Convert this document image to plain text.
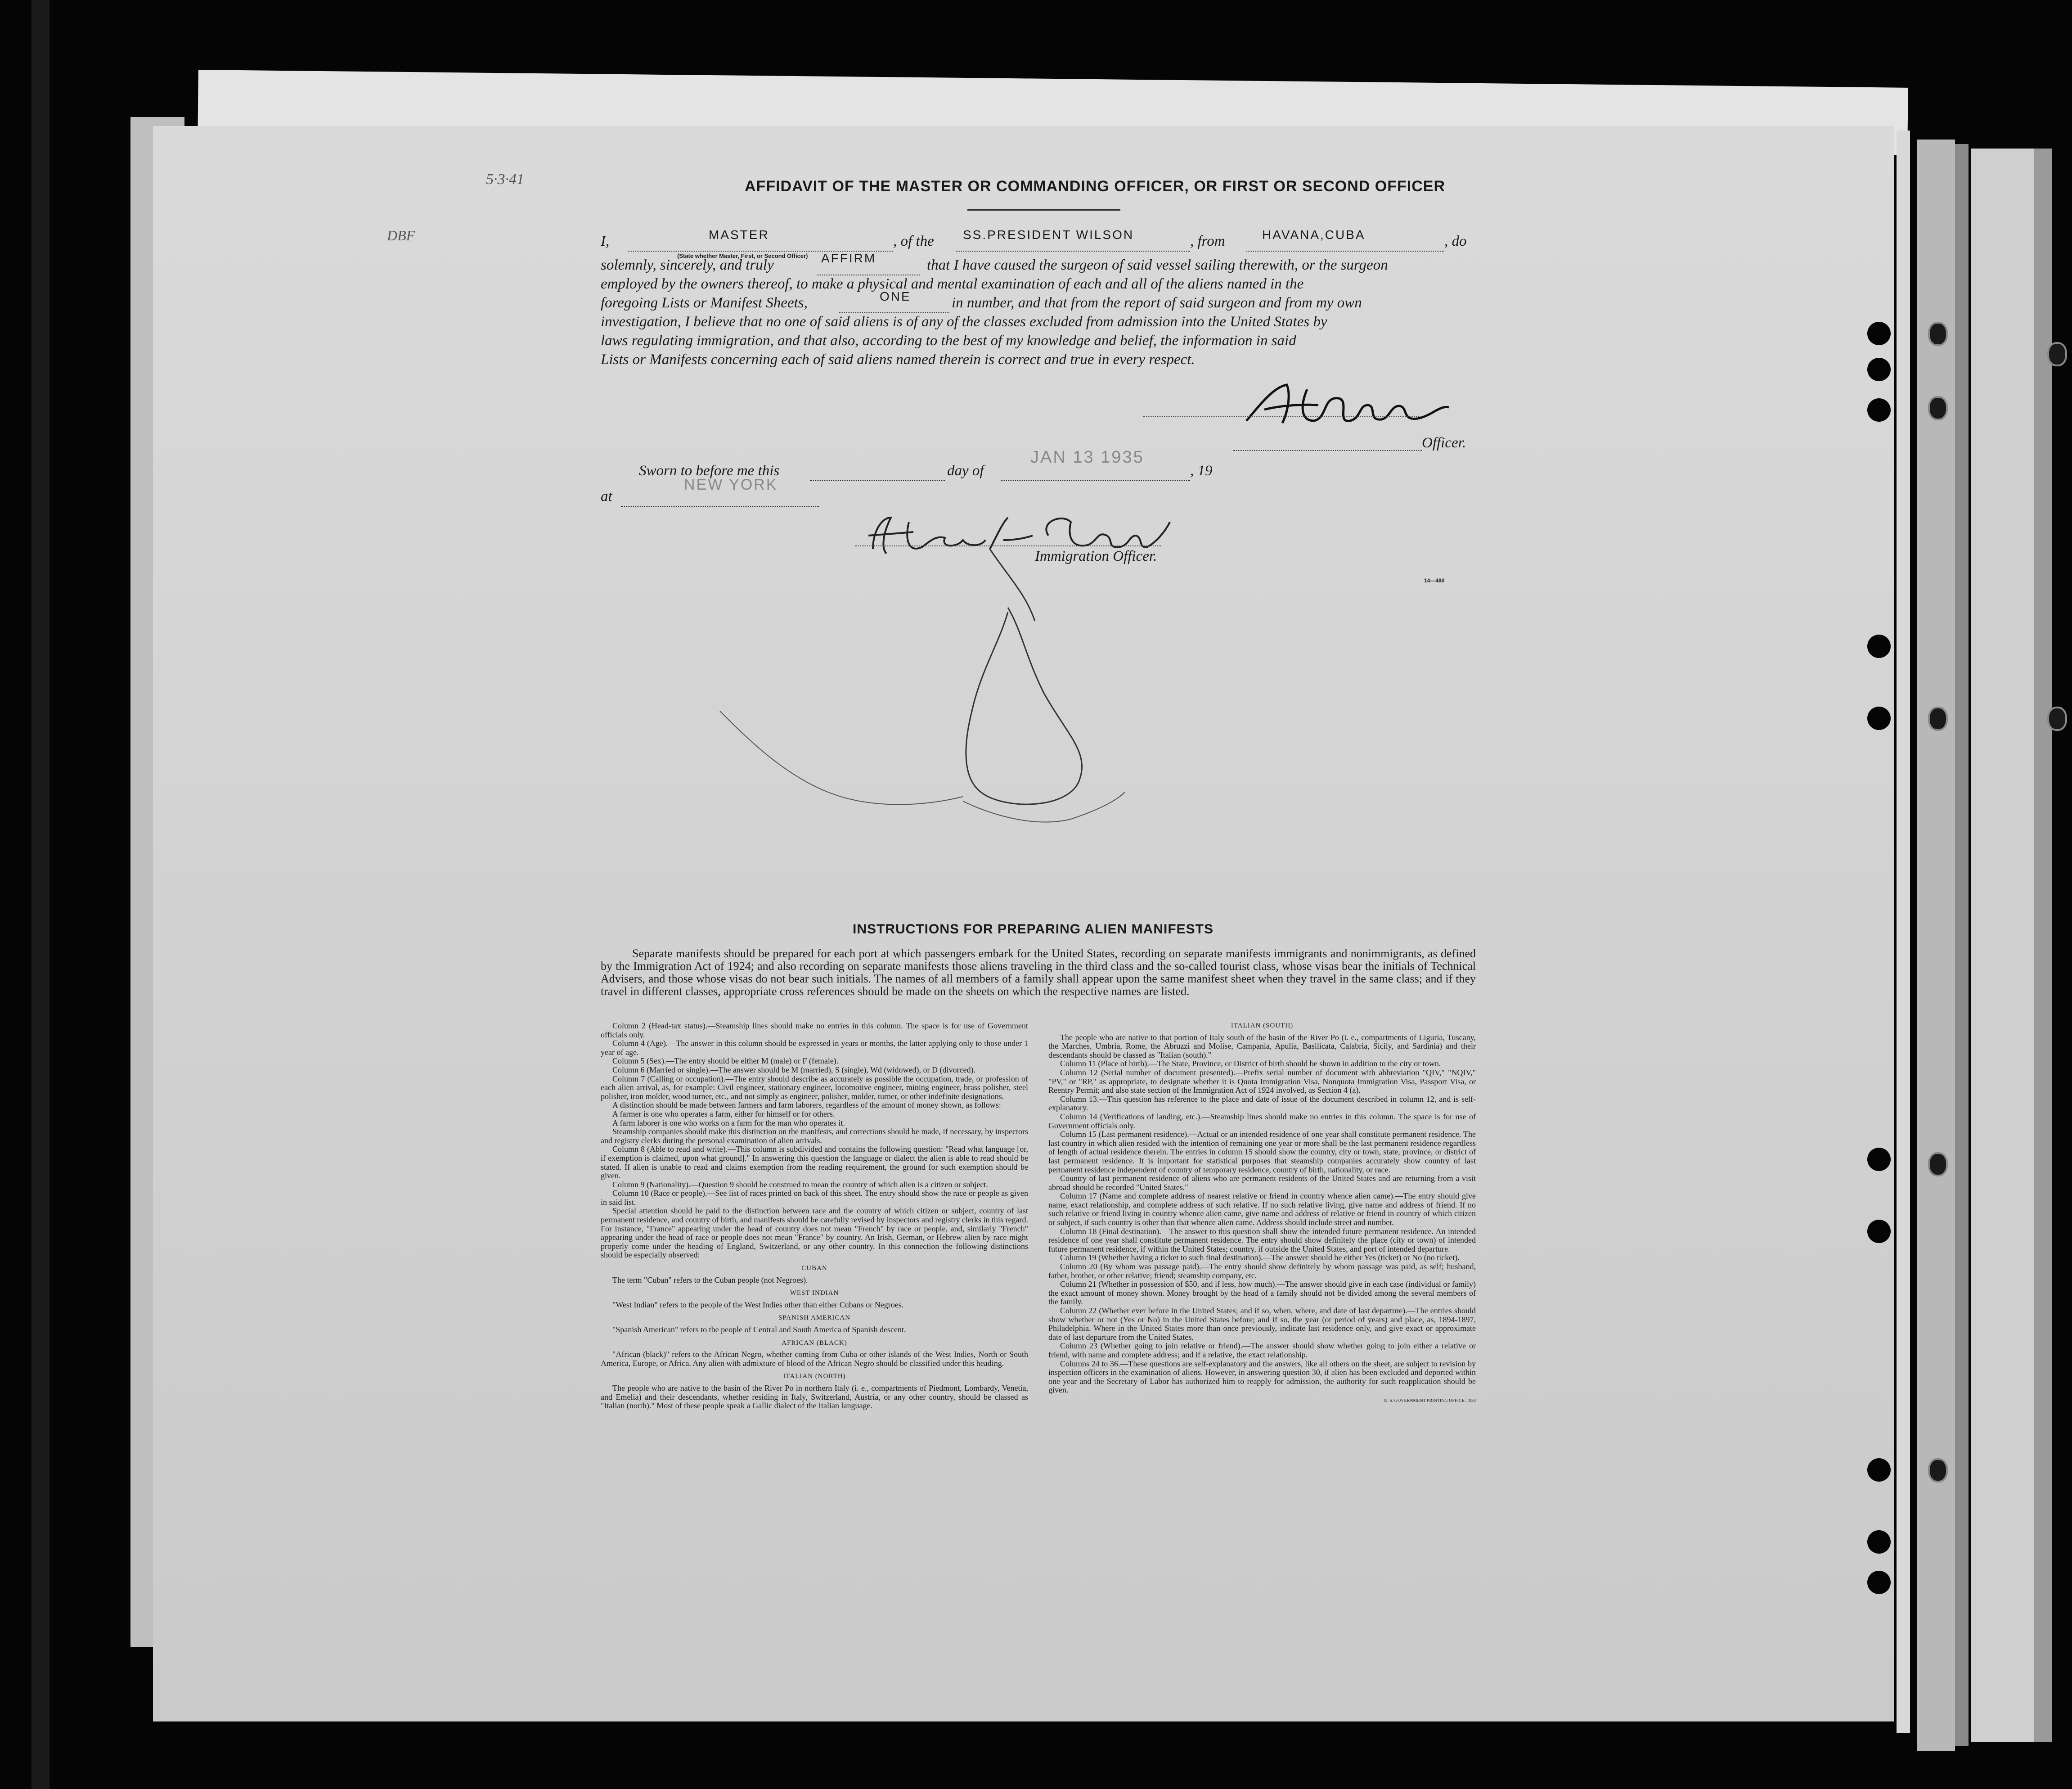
5·3·41
DBF
AFFIDAVIT OF THE MASTER OR COMMANDING OFFICER, OR FIRST OR SECOND OFFICER
I,	MASTER
(State whether Master, First, or Second Officer)
, of the SS.PRESIDENT WILSON	, from	HAVANA,CUBA	, do
solemnly, sincerely, and truly	AFFIRM	that I have caused the surgeon of said vessel sailing therewith, or the surgeon
employed by the owners thereof, to make a physical and mental examination of each and all of the aliens named in the
foregoing Lists or Manifest Sheets,	ONE	in number, and that from the report of said surgeon and from my own
investigation, I believe that no one of said aliens is of any of the classes excluded from admission into the United States by
laws regulating immigration, and that also, according to the best of my knowledge and belief, the information in said
Lists or Manifests concerning each of said aliens named therein is correct and true in every respect.
Officer.
Sworn to before me this	day of
JAN 13 1935
, 19
at
NEW YORK
Immigration Officer.
14—480
INSTRUCTIONS FOR PREPARING ALIEN MANIFESTS
Separate manifests should be prepared for each port at which passengers embark for the United States, recording on separate manifests immigrants and nonimmigrants, as defined by the Immigration Act of 1924; and also recording on separate manifests those aliens traveling in the third class and the so-called tourist class, whose visas bear the initials of Technical Advisers, and those whose visas do not bear such initials. The names of all members of a family shall appear upon the same manifest sheet when they travel in the same class; and if they travel in different classes, appropriate cross references should be made on the sheets on which the respective names are listed.

Column 2 (Head-tax status).—Steamship lines should make no entries in this column. The space is for use of Government officials only.

Column 4 (Age).—The answer in this column should be expressed in years or months, the latter applying only to those under 1 year of age.

Column 5 (Sex).—The entry should be either M (male) or F (female).

Column 6 (Married or single).—The answer should be M (married), S (single), Wd (widowed), or D (divorced).

Column 7 (Calling or occupation).—The entry should describe as accurately as possible the occupation, trade, or profession of each alien arrival, as, for example: Civil engineer, stationary engineer, locomotive engineer, mining engineer, brass polisher, steel polisher, iron molder, wood turner, etc., and not simply as engineer, polisher, molder, turner, or other indefinite designations.

A distinction should be made between farmers and farm laborers, regardless of the amount of money shown, as follows:

A farmer is one who operates a farm, either for himself or for others.

A farm laborer is one who works on a farm for the man who operates it.

Steamship companies should make this distinction on the manifests, and corrections should be made, if necessary, by inspectors and registry clerks during the personal examination of alien arrivals.

Column 8 (Able to read and write).—This column is subdivided and contains the following question: "Read what language [or, if exemption is claimed, upon what ground]." In answering this question the language or dialect the alien is able to read should be stated. If alien is unable to read and claims exemption from the reading requirement, the ground for such exemption should be given.

Column 9 (Nationality).—Question 9 should be construed to mean the country of which alien is a citizen or subject.

Column 10 (Race or people).—See list of races printed on back of this sheet. The entry should show the race or people as given in said list.

Special attention should be paid to the distinction between race and the country of which citizen or subject, country of last permanent residence, and country of birth, and manifests should be carefully revised by inspectors and registry clerks in this regard. For instance, "France" appearing under the head of country does not mean "French" by race or people, and, similarly "French" appearing under the head of race or people does not mean "France" by country. An Irish, German, or Hebrew alien by race might properly come under the heading of England, Switzerland, or any other country. In this connection the following distinctions should be especially observed:

CUBAN

The term "Cuban" refers to the Cuban people (not Negroes).

WEST INDIAN

"West Indian" refers to the people of the West Indies other than either Cubans or Negroes.

SPANISH AMERICAN

"Spanish American" refers to the people of Central and South America of Spanish descent.

AFRICAN (BLACK)

"African (black)" refers to the African Negro, whether coming from Cuba or other islands of the West Indies, North or South America, Europe, or Africa. Any alien with admixture of blood of the African Negro should be classified under this heading.

ITALIAN (NORTH)

The people who are native to the basin of the River Po in northern Italy (i. e., compartments of Piedmont, Lombardy, Venetia, and Emelia) and their descendants, whether residing in Italy, Switzerland, Austria, or any other country, should be classed as "Italian (north)." Most of these people speak a Gallic dialect of the Italian language.

ITALIAN (SOUTH)

The people who are native to that portion of Italy south of the basin of the River Po (i. e., compartments of Liguria, Tuscany, the Marches, Umbria, Rome, the Abruzzi and Molise, Campania, Apulia, Basilicata, Calabria, Sicily, and Sardinia) and their descendants should be classed as "Italian (south)."

Column 11 (Place of birth).—The State, Province, or District of birth should be shown in addition to the city or town.

Column 12 (Serial number of document presented).—Prefix serial number of document with abbreviation "QIV," "NQIV," "PV," or "RP," as appropriate, to designate whether it is Quota Immigration Visa, Nonquota Immigration Visa, Passport Visa, or Reentry Permit; and also state section of the Immigration Act of 1924 involved, as Section 4 (a).

Column 13.—This question has reference to the place and date of issue of the document described in column 12, and is self-explanatory.

Column 14 (Verifications of landing, etc.).—Steamship lines should make no entries in this column. The space is for use of Government officials only.

Column 15 (Last permanent residence).—Actual or an intended residence of one year shall constitute permanent residence. The last country in which alien resided with the intention of remaining one year or more shall be the last permanent residence regardless of length of actual residence therein. The entries in column 15 should show the country, city or town, state, province, or district of last permanent residence. It is important for statistical purposes that steamship companies accurately show country of last permanent residence independent of country of temporary residence, country of birth, nationality, or race.

Country of last permanent residence of aliens who are permanent residents of the United States and are returning from a visit abroad should be recorded "United States."

Column 17 (Name and complete address of nearest relative or friend in country whence alien came).—The entry should give name, exact relationship, and complete address of such relative. If no such relative living, give name and address of friend. If no such relative or friend living in country whence alien came, give name and address of relative or friend in country of which citizen or subject, if such country is other than that whence alien came. Address should include street and number.

Column 18 (Final destination).—The answer to this question shall show the intended future permanent residence. An intended residence of one year shall constitute permanent residence. The entry should show definitely the place (city or town) of intended future permanent residence, if within the United States; country, if outside the United States, and port of intended departure.

Column 19 (Whether having a ticket to such final destination).—The answer should be either Yes (ticket) or No (no ticket).

Column 20 (By whom was passage paid).—The entry should show definitely by whom passage was paid, as self; husband, father, brother, or other relative; friend; steamship company, etc.

Column 21 (Whether in possession of $50, and if less, how much).—The answer should give in each case (individual or family) the exact amount of money shown. Money brought by the head of a family should not be divided among the several members of the family.

Column 22 (Whether ever before in the United States; and if so, when, where, and date of last departure).—The entries should show whether or not (Yes or No) in the United States before; and if so, the year (or period of years) and place, as, 1894-1897, Philadelphia. Where in the United States more than once previously, indicate last residence only, and give exact or approximate date of last departure from the United States.

Column 23 (Whether going to join relative or friend).—The answer should show whether going to join either a relative or friend, with name and complete address; and if a relative, the exact relationship.

Columns 24 to 36.—These questions are self-explanatory and the answers, like all others on the sheet, are subject to revision by inspection officers in the examination of aliens. However, in answering question 30, if alien has been excluded and deported within one year and the Secretary of Labor has authorized him to reapply for admission, the authority for such reapplication should be given.

U. S. GOVERNMENT PRINTING OFFICE: 1933
